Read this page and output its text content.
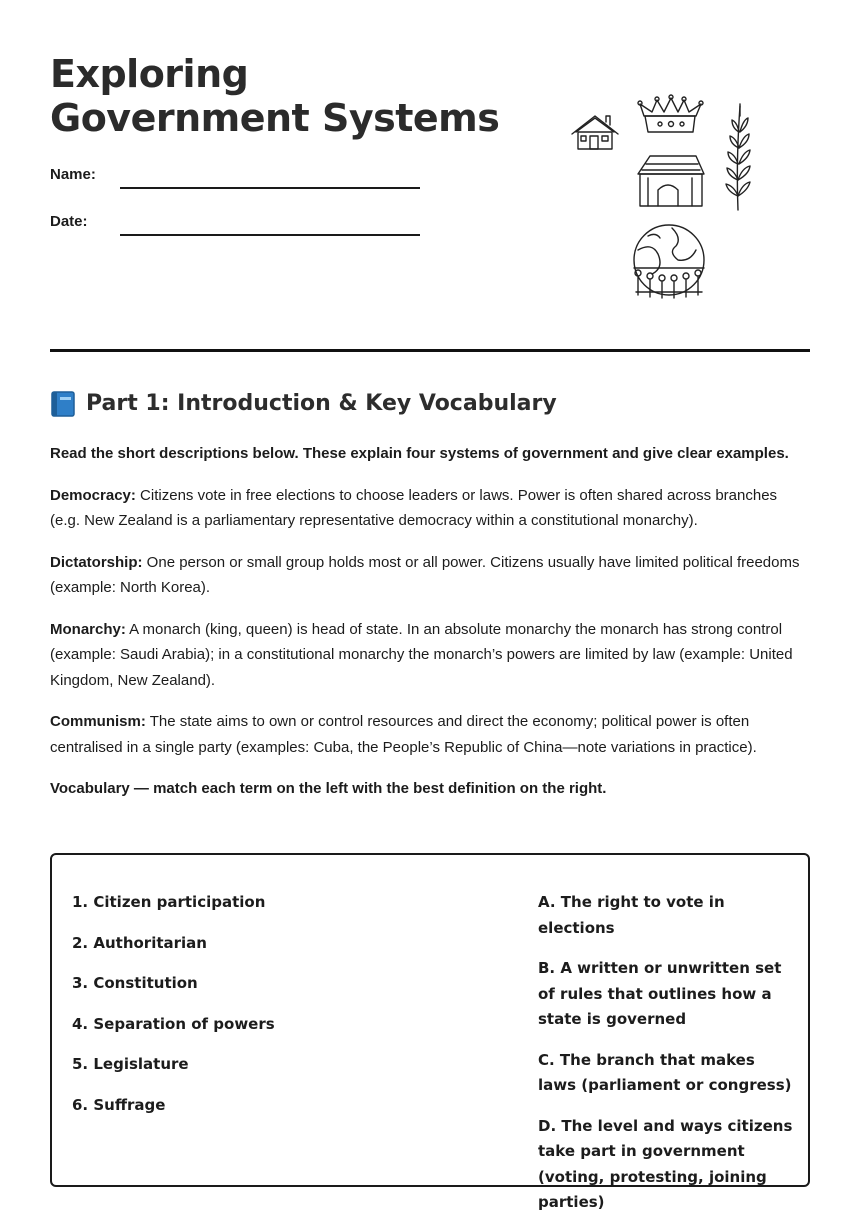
Exploring Government Systems
Name:
Date:
Part 1: Introduction & Key Vocabulary

Read the short descriptions below. These explain four systems of government and give clear examples.

Democracy: Citizens vote in free elections to choose leaders or laws. Power is often shared across branches (e.g. New Zealand is a parliamentary representative democracy within a constitutional monarchy).

Dictatorship: One person or small group holds most or all power. Citizens usually have limited political freedoms (example: North Korea).

Monarchy: A monarch (king, queen) is head of state. In an absolute monarchy the monarch has strong control (example: Saudi Arabia); in a constitutional monarchy the monarch’s powers are limited by law (example: United Kingdom, New Zealand).

Communism: The state aims to own or control resources and direct the economy; political power is often centralised in a single party (examples: Cuba, the People’s Republic of China—note variations in practice).

Vocabulary — match each term on the left with the best definition on the right.

1. Citizen participation
2. Authoritarian
3. Constitution
4. Separation of powers
5. Legislature
6. Suffrage
A. The right to vote in elections
B. A written or unwritten set of rules that outlines how a state is governed
C. The branch that makes laws (parliament or congress)
D. The level and ways citizens take part in government (voting, protesting, joining parties)
